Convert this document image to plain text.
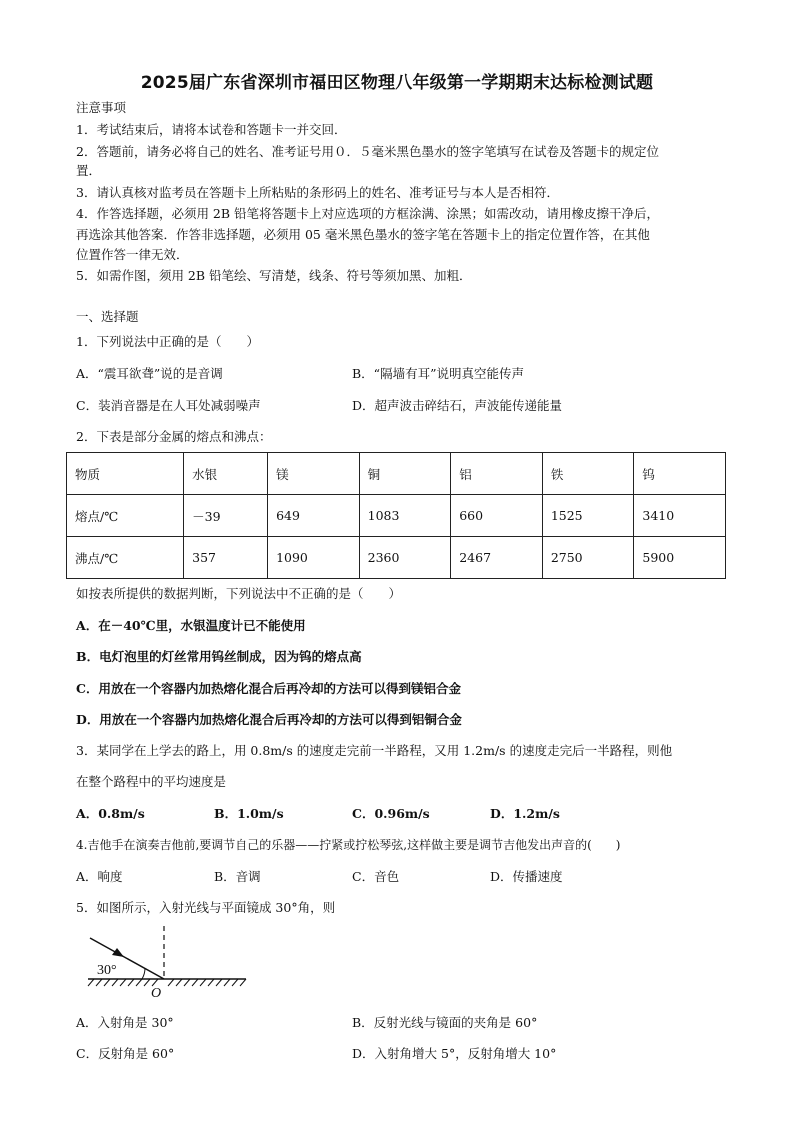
2025届广东省深圳市福田区物理八年级第一学期期末达标检测试题
注意事项
1．考试结束后，请将本试卷和答题卡一并交回．
2．答题前，请务必将自己的姓名、准考证号用０．５毫米黑色墨水的签字笔填写在试卷及答题卡的规定位
置．
3．请认真核对监考员在答题卡上所粘贴的条形码上的姓名、准考证号与本人是否相符．
4．作答选择题，必须用 2B 铅笔将答题卡上对应选项的方框涂满、涂黑；如需改动，请用橡皮擦干净后，
再选涂其他答案．作答非选择题，必须用 05 毫米黑色墨水的签字笔在答题卡上的指定位置作答，在其他
位置作答一律无效．
5．如需作图，须用 2B 铅笔绘、写清楚，线条、符号等须加黑、加粗．
一、选择题
1．下列说法中正确的是（　　）
A．“震耳欲聋”说的是音调	B．“隔墙有耳”说明真空能传声
C．装消音器是在人耳处减弱噪声	D．超声波击碎结石，声波能传递能量
2．下表是部分金属的熔点和沸点：
物质	水银	镁	铜	铝	铁	钨
熔点/℃	－39	649	1083	660	1525	3410
沸点/℃	357	1090	2360	2467	2750	5900
如按表所提供的数据判断，下列说法中不正确的是（　　）
A．在－40℃里，水银温度计已不能使用
B．电灯泡里的灯丝常用钨丝制成，因为钨的熔点高
C．用放在一个容器内加热熔化混合后再冷却的方法可以得到镁铝合金
D．用放在一个容器内加热熔化混合后再冷却的方法可以得到铝铜合金
3．某同学在上学去的路上，用 0.8m/s 的速度走完前一半路程，又用 1.2m/s 的速度走完后一半路程，则他
在整个路程中的平均速度是
A．0.8m/s	B．1.0m/s	C．0.96m/s	D．1.2m/s
4.吉他手在演奏吉他前,要调节自己的乐器——拧紧或拧松琴弦,这样做主要是调节吉他发出声音的(　　)
A．响度	B．音调	C．音色	D．传播速度
5．如图所示，入射光线与平面镜成 30°角，则
30°
O
A．入射角是 30°	B．反射光线与镜面的夹角是 60°
C．反射角是 60°	D．入射角增大 5°，反射角增大 10°
